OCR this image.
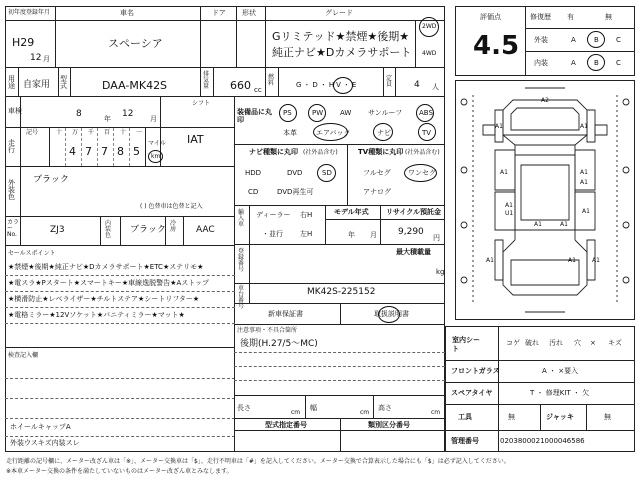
初年度登録年月	車名	ドア 形状	グレード
H29
12 月
スペーシア
Gリミテッド★禁煙★後期★
純正ナビ★Dカメラサポート
2WD
4WD
用途 自家用
型式	DAA-MK42S
排気量 660 cc
燃料	G・D・HV・E
定員 4 人
車検	8	年 12 月
シフト
IAT
走行
記号	十 万 千 百 十 一
4 7 7 8 5
マイル
km
外装色
ブラック
( ) 色替車は色替と記入
カラーNo.	ZJ3
内装色
ブラック
冷房	AAC
装備品に丸印
PS	PW AW サンルーフ ABS
本革	エアバック	ナビ	TV
ナビ種類に丸印 (社外品含む)	TV種類に丸印 (社外品含む)
HDD	DVD	SD
CD	DVD再生可
フルセグ ワンセグ
アナログ
輸入車
ディーラー
・並行
右H
左H
モデル年式
年 月
リサイクル預託金
9,290
円
登録番号
最大積載量
kg
車台番号
MK42S-225152
新車保証書	取扱説明書
セールスポイント
★禁煙★後期★純正ナビ★Dカメラサポート★ETC★ステリモ★
★電スラ★Pスタート★スマートキー★車線逸脱警告★Aストップ
★横滑防止★レベライザー★チルトステア★シートリフター★
★電格ミラー★12Vソケット★バニティミラー★マット★
検査記入欄
ホイールキャップA
外装ウスキズ内装スレ
注意事項・不具合箇所
後期(H.27/5～MC)
長さ
cm
幅
cm
高さ
cm
型式指定番号	類別区分番号
評価点
4.5
修復歴 有	無
外装	A	B C
内装	A	B C
A2
A1	A1
A1	A1
A1
A1
U1	A1
A1	A1
A1	A1	A1
室内シート
コゲ 破れ 汚れ 穴 × キズ
フロントガラス	A ・ ×要入
スペアタイヤ	T ・ 修理KIT ・ 欠
工具	無	ジャッキ	無
管理番号	0203800021000046586
走行距離の記号欄に、メーター改ざん車は「※」、メーター交換車は「$」、走行不明車は「#」を記入してください。メーター交換で合算表示した場合にも「$」は必ず記入してください。
※本車メーター交換の条件を満たしていないものはメーター改ざん車とみなします。
